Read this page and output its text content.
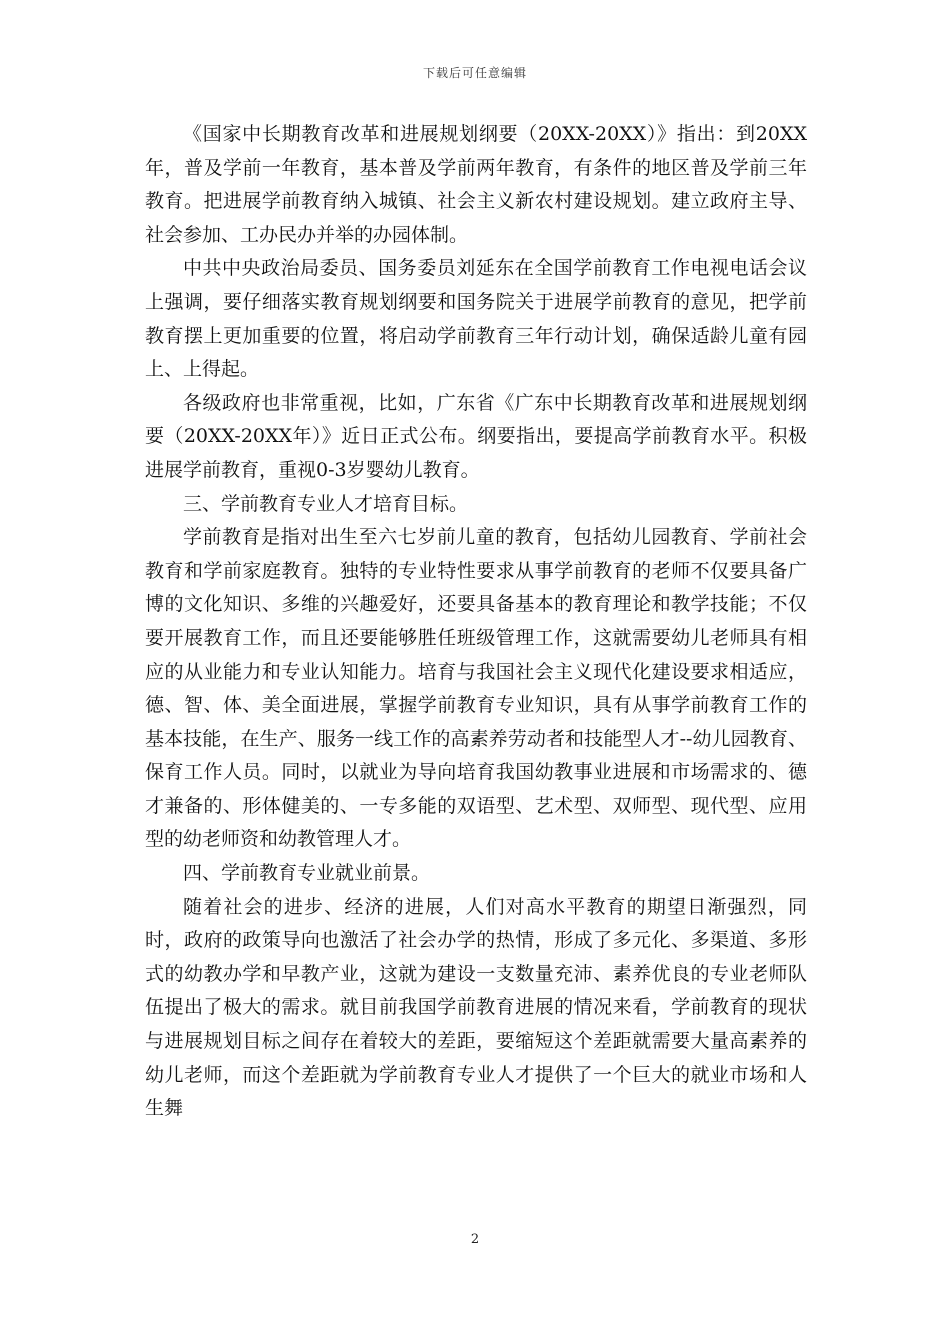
下载后可任意编辑

《国家中长期教育改革和进展规划纲要（20XX-20XX）》指出：到20XX年，普及学前一年教育，基本普及学前两年教育，有条件的地区普及学前三年教育。把进展学前教育纳入城镇、社会主义新农村建设规划。建立政府主导、社会参加、工办民办并举的办园体制。

中共中央政治局委员、国务委员刘延东在全国学前教育工作电视电话会议上强调，要仔细落实教育规划纲要和国务院关于进展学前教育的意见，把学前教育摆上更加重要的位置，将启动学前教育三年行动计划，确保适龄儿童有园上、上得起。

各级政府也非常重视，比如，广东省《广东中长期教育改革和进展规划纲要（20XX-20XX年）》近日正式公布。纲要指出，要提高学前教育水平。积极进展学前教育，重视0-3岁婴幼儿教育。

三、学前教育专业人才培育目标。

学前教育是指对出生至六七岁前儿童的教育，包括幼儿园教育、学前社会教育和学前家庭教育。独特的专业特性要求从事学前教育的老师不仅要具备广博的文化知识、多维的兴趣爱好，还要具备基本的教育理论和教学技能；不仅要开展教育工作，而且还要能够胜任班级管理工作，这就需要幼儿老师具有相应的从业能力和专业认知能力。培育与我国社会主义现代化建设要求相适应，德、智、体、美全面进展，掌握学前教育专业知识，具有从事学前教育工作的基本技能，在生产、服务一线工作的高素养劳动者和技能型人才--幼儿园教育、保育工作人员。同时，以就业为导向培育我国幼教事业进展和市场需求的、德才兼备的、形体健美的、一专多能的双语型、艺术型、双师型、现代型、应用型的幼老师资和幼教管理人才。

四、学前教育专业就业前景。

随着社会的进步、经济的进展，人们对高水平教育的期望日渐强烈，同时，政府的政策导向也激活了社会办学的热情，形成了多元化、多渠道、多形式的幼教办学和早教产业，这就为建设一支数量充沛、素养优良的专业老师队伍提出了极大的需求。就目前我国学前教育进展的情况来看，学前教育的现状与进展规划目标之间存在着较大的差距，要缩短这个差距就需要大量高素养的幼儿老师，而这个差距就为学前教育专业人才提供了一个巨大的就业市场和人生舞

2
